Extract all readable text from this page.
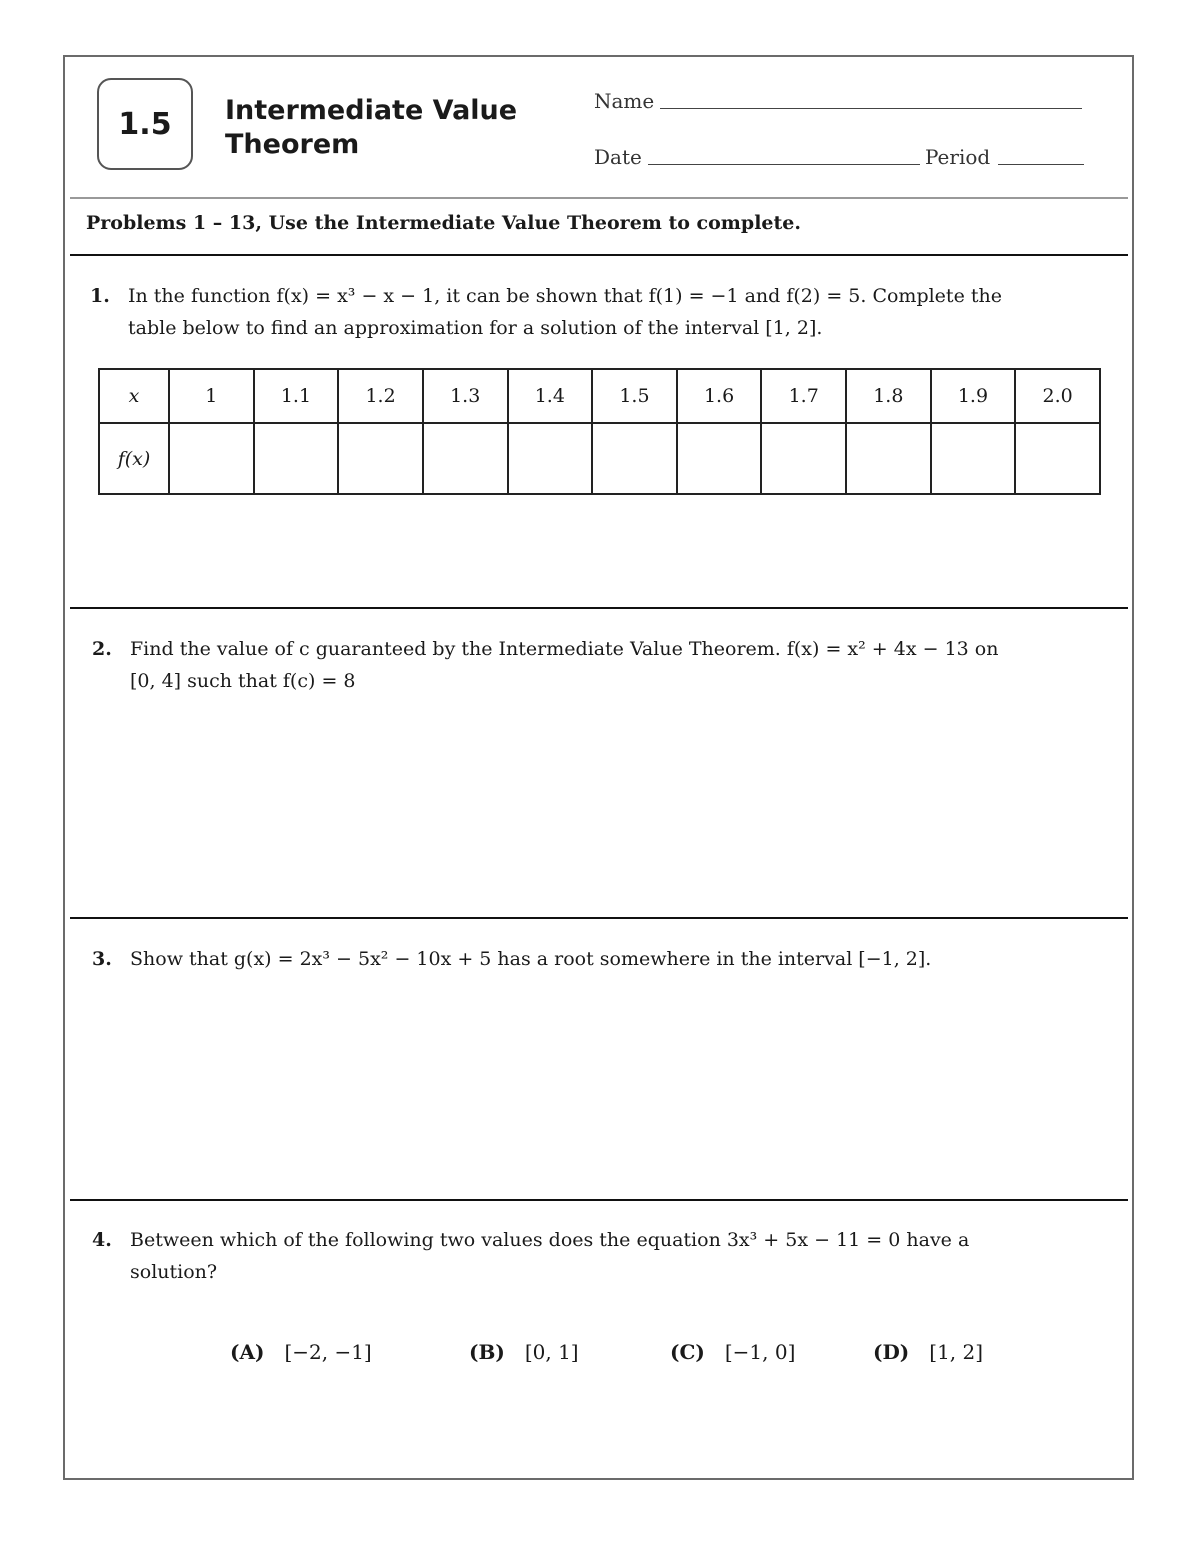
1.5 Intermediate Value Theorem
Name
Date	Period
Problems 1 – 13, Use the Intermediate Value Theorem to complete.
1. In the function f(x) = x³ − x − 1, it can be shown that f(1) = −1 and f(2) = 5. Complete the
table below to find an approximation for a solution of the interval [1, 2].
x	1	1.1	1.2	1.3	1.4	1.5	1.6	1.7	1.8	1.9	2.0
f(x)											
2. Find the value of c guaranteed by the Intermediate Value Theorem. f(x) = x² + 4x − 13 on
[0, 4] such that f(c) = 8
3. Show that g(x) = 2x³ − 5x² − 10x + 5 has a root somewhere in the interval [−1, 2].
4. Between which of the following two values does the equation 3x³ + 5x − 11 = 0 have a
solution?
(A) [−2, −1]	(B) [0, 1]	(C) [−1, 0]	(D) [1, 2]
